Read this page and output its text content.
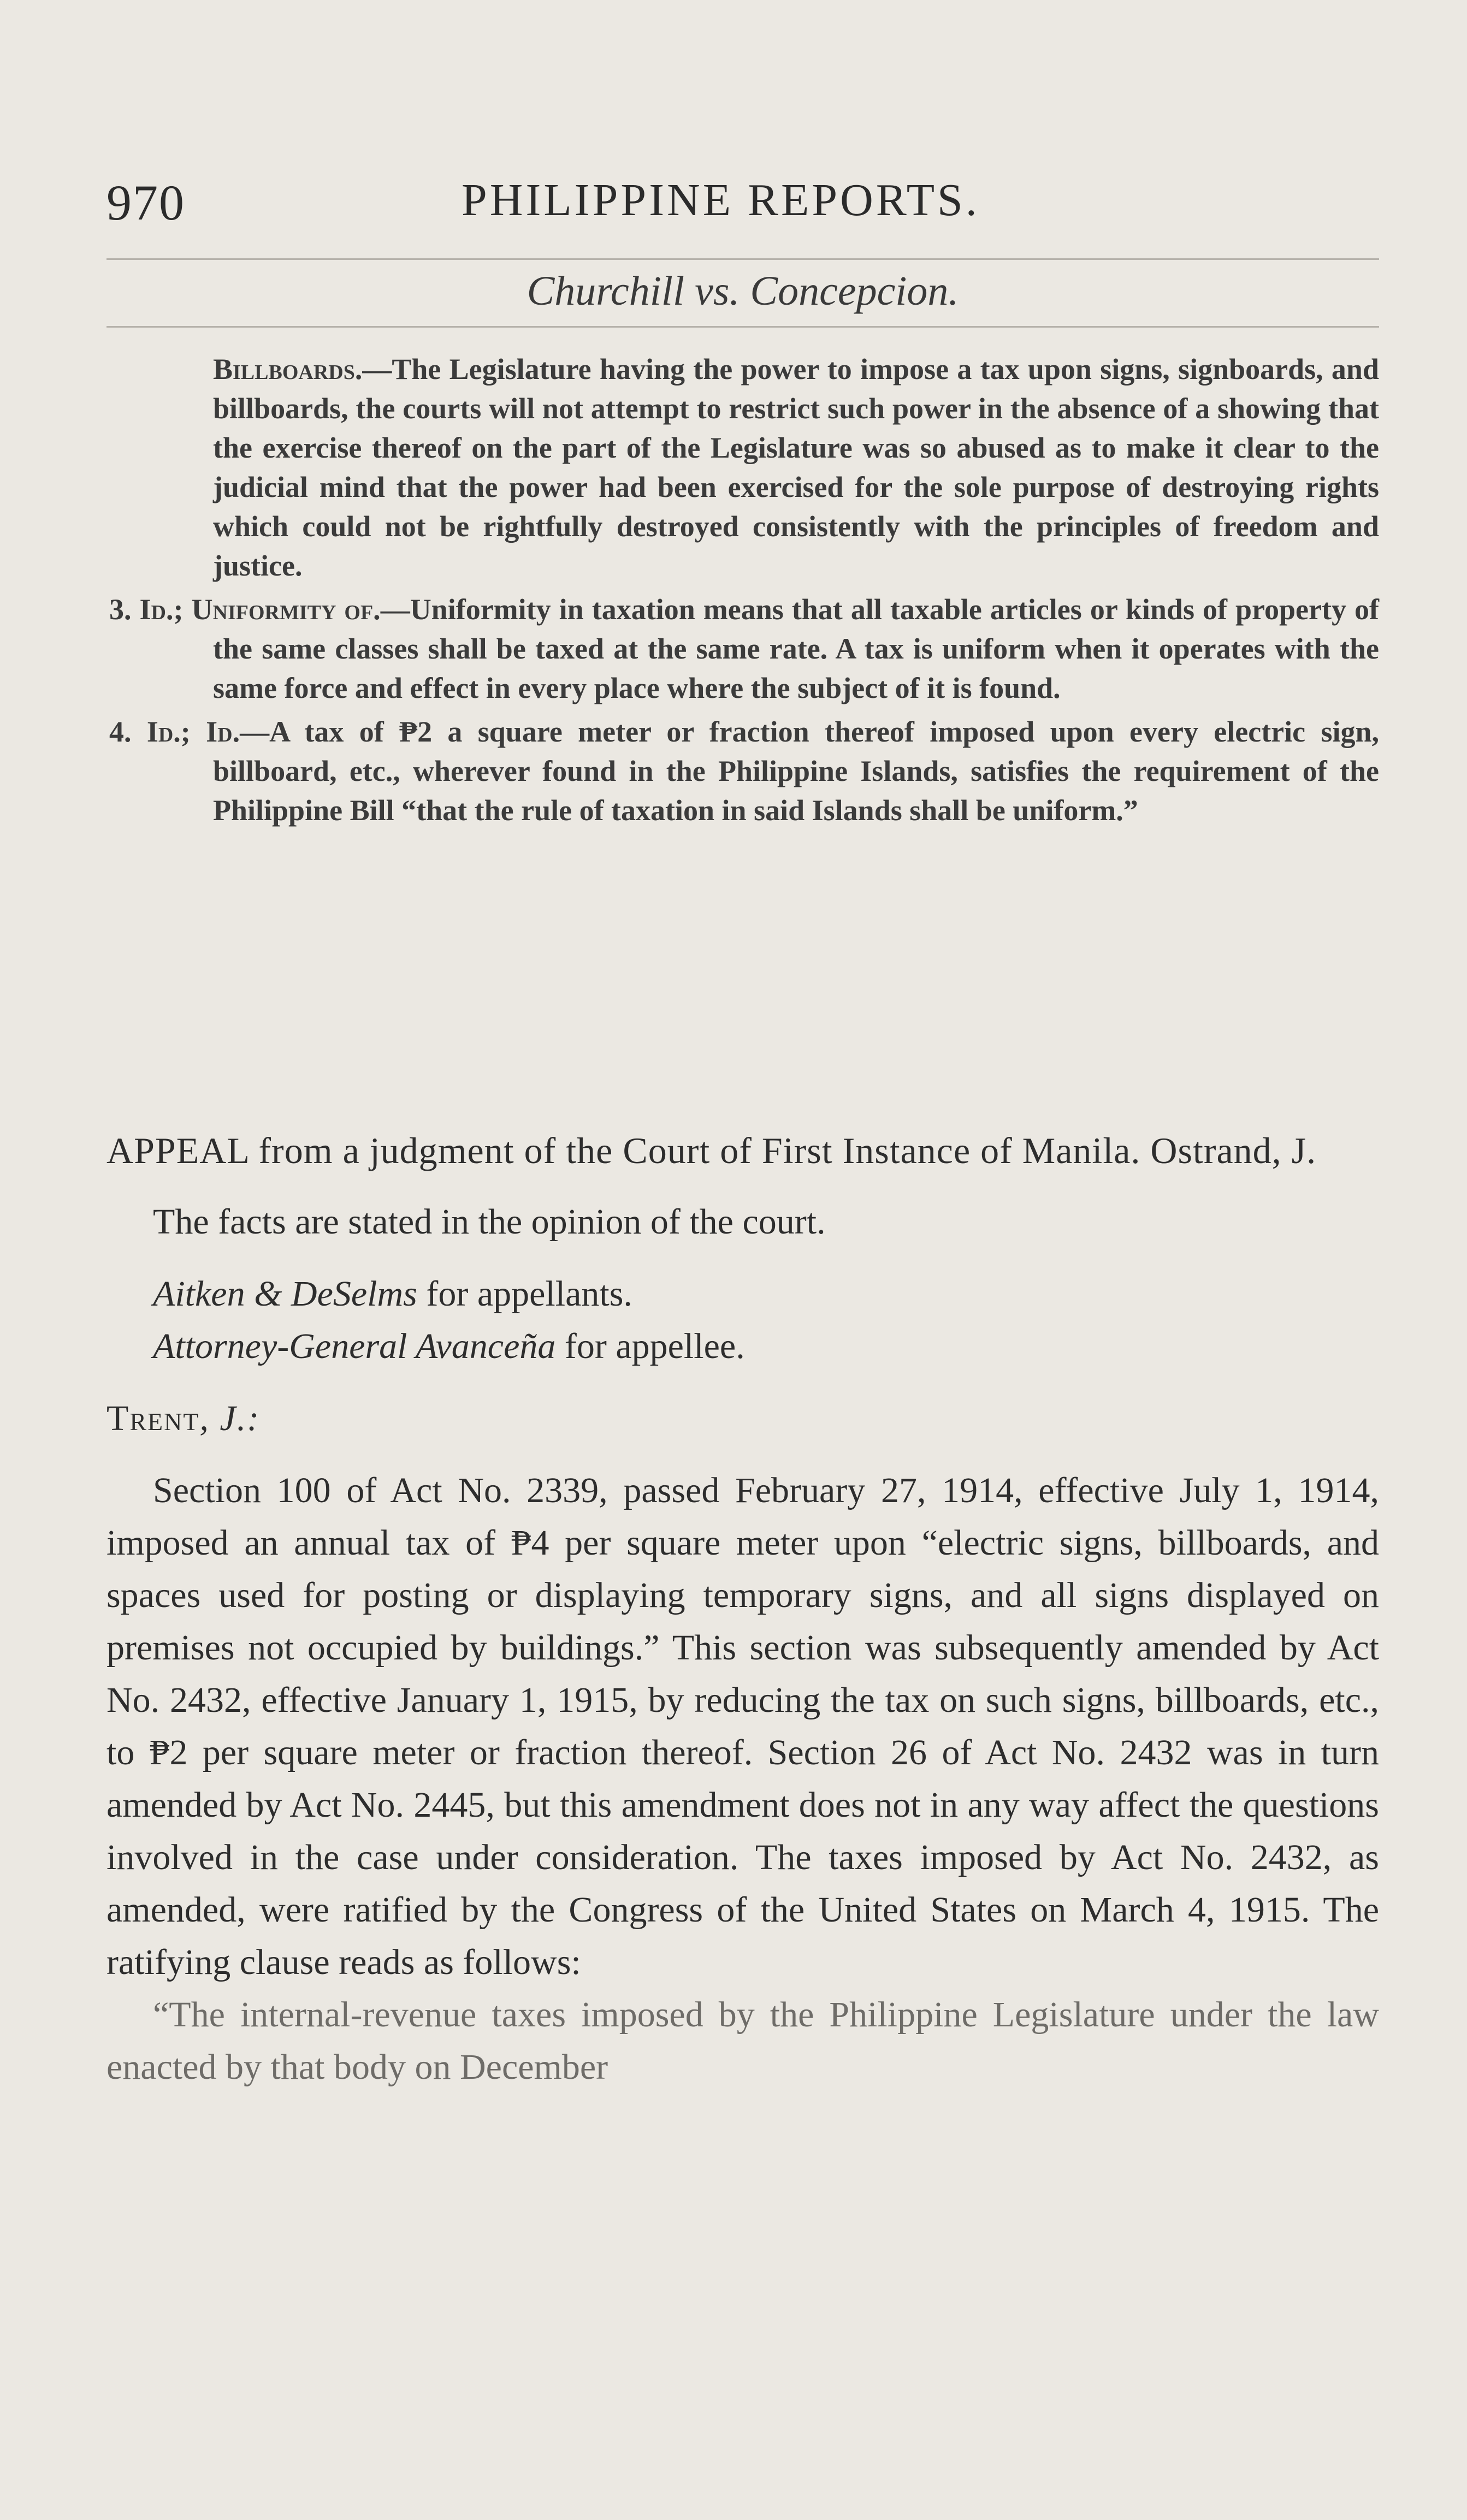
970	PHILIPPINE REPORTS.
Churchill vs. Concepcion.

Billboards.—The Legislature having the power to impose a tax upon signs, signboards, and billboards, the courts will not attempt to restrict such power in the absence of a showing that the exercise thereof on the part of the Legislature was so abused as to make it clear to the judicial mind that the power had been exercised for the sole purpose of destroying rights which could not be rightfully destroyed consistently with the principles of freedom and justice.

3. Id.; Uniformity of.—Uniformity in taxation means that all taxable articles or kinds of property of the same classes shall be taxed at the same rate. A tax is uniform when it operates with the same force and effect in every place where the subject of it is found.

4. Id.; Id.—A tax of ₱2 a square meter or fraction thereof imposed upon every electric sign, billboard, etc., wherever found in the Philippine Islands, satisfies the requirement of the Philippine Bill “that the rule of taxation in said Islands shall be uniform.”

APPEAL from a judgment of the Court of First Instance of Manila. Ostrand, J.

The facts are stated in the opinion of the court.

Aitken & DeSelms for appellants.

Attorney-General Avanceña for appellee.

Trent, J.:

Section 100 of Act No. 2339, passed February 27, 1914, effective July 1, 1914, imposed an annual tax of ₱4 per square meter upon “electric signs, billboards, and spaces used for posting or displaying temporary signs, and all signs displayed on premises not occupied by buildings.” This section was subsequently amended by Act No. 2432, effective January 1, 1915, by reducing the tax on such signs, billboards, etc., to ₱2 per square meter or fraction thereof. Section 26 of Act No. 2432 was in turn amended by Act No. 2445, but this amendment does not in any way affect the questions involved in the case under consideration. The taxes imposed by Act No. 2432, as amended, were ratified by the Congress of the United States on March 4, 1915. The ratifying clause reads as follows:

“The internal-revenue taxes imposed by the Philippine Legislature under the law enacted by that body on December
